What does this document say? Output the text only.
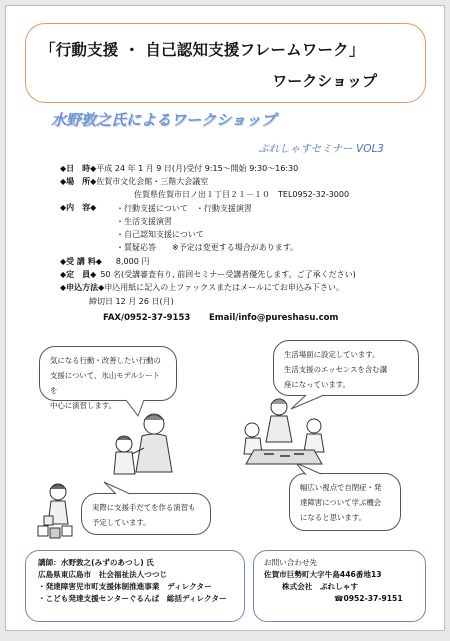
「行動支援 ・ 自己認知支援フレームワーク」
ワークショップ
水野敦之氏によるワークショップ
ぷれしゃすセミナー VOL3
◆日　時◆平成 24 年 1 月 9 日(月)受付 9:15～開始 9:30～16:30
◆場　所◆佐賀市文化会館・三階大会議室
佐賀県佐賀市日ノ出１丁目２１－１０　TEL0952-32-3000
◆内　容◆ ・行動支援について　・行動支援演習
・生活支援演習
・自己認知支援について
・質疑応答　　※予定は変更する場合があります。
◆受 講 料◆ 8,000 円
◆定　員◆ 50 名(受講審査有り, 前回セミナー受講者優先します。ご了承ください)
◆申込方法◆申込用紙に記入の上ファックスまたはメールにてお申込み下さい。
締切日 12 月 26 日(月)
FAX/0952-37-9153 Email/info@pureshasu.com
気になる行動・改善したい行動の
支援について、氷山モデルシートを
中心に演習します。
生活場面に設定しています。
生活支援のエッセンスを含む講
座になっています。
実際に支援手だてを作る演習も
予定しています。
幅広い視点で自閉症・発
達障害について学ぶ機会
になると思います。
講師：水野敦之(みずのあつし) 氏
広島県東広島市　社会福祉法人つつじ
・発達障害児市町支援体制推進事業　ディレクター
・こども発達支援センターぐるんぱ　総括ディレクター
お問い合わせ先
佐賀市巨勢町大字牛島446番地13
株式会社　ぷれしゃす
☎0952-37-9151
